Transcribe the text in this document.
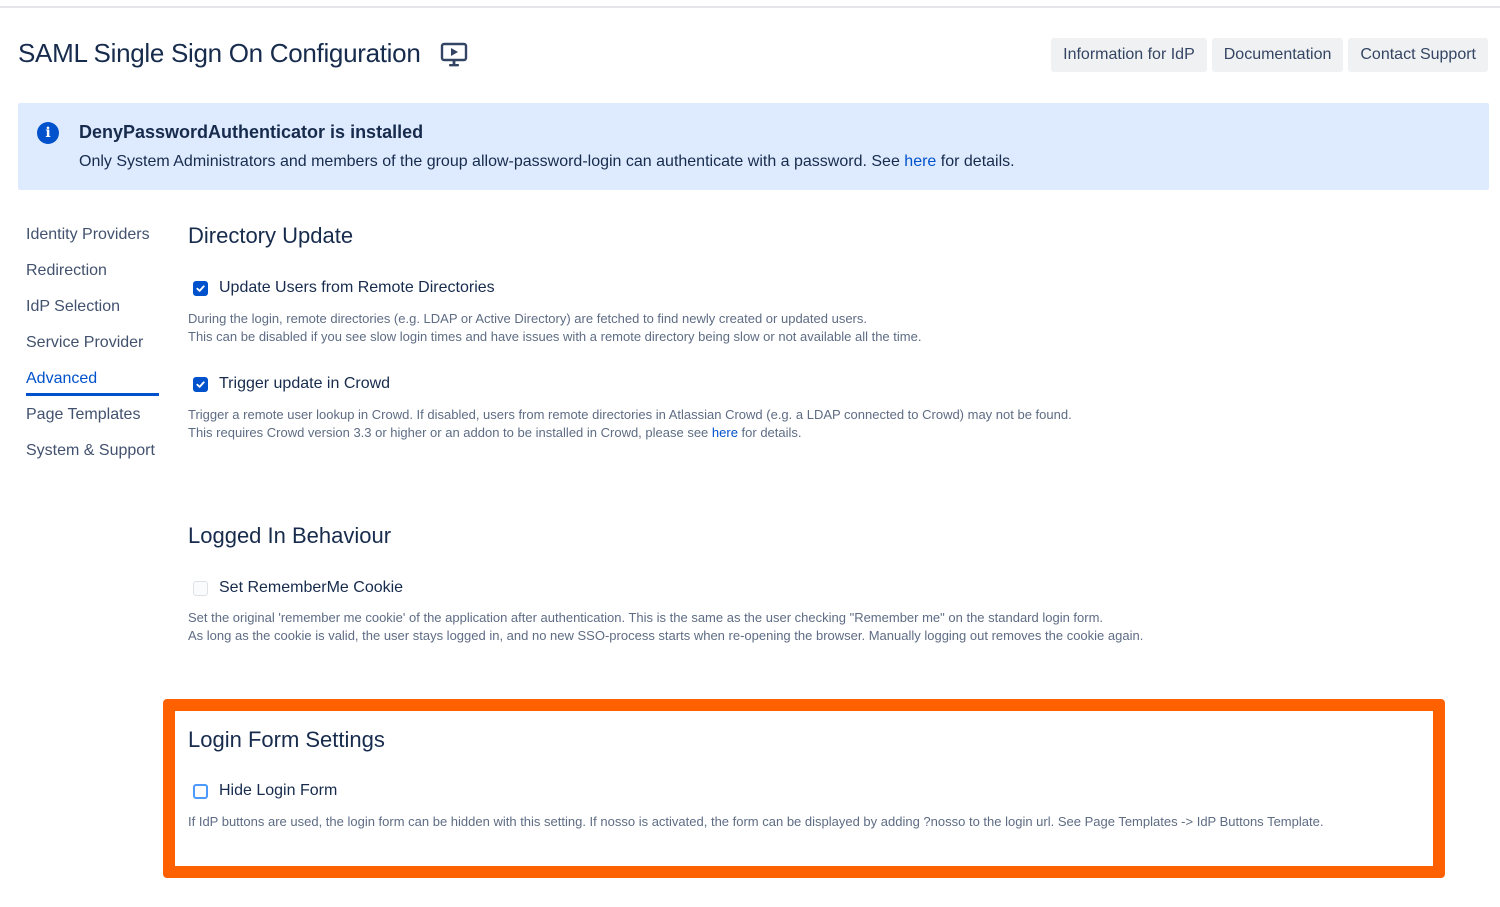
SAML Single Sign On Configuration	Information for IdP	Documentation	Contact Support
i	DenyPasswordAuthenticator is installed
Only System Administrators and members of the group allow-password-login can authenticate with a password. See here for details.
Identity Providers
Redirection
IdP Selection
Service Provider
Advanced
Page Templates
System & Support
Directory Update
Update Users from Remote Directories
During the login, remote directories (e.g. LDAP or Active Directory) are fetched to find newly created or updated users.
This can be disabled if you see slow login times and have issues with a remote directory being slow or not available all the time.
Trigger update in Crowd
Trigger a remote user lookup in Crowd. If disabled, users from remote directories in Atlassian Crowd (e.g. a LDAP connected to Crowd) may not be found.
This requires Crowd version 3.3 or higher or an addon to be installed in Crowd, please see here for details.
Logged In Behaviour
Set RememberMe Cookie
Set the original 'remember me cookie' of the application after authentication. This is the same as the user checking "Remember me" on the standard login form.
As long as the cookie is valid, the user stays logged in, and no new SSO-process starts when re-opening the browser. Manually logging out removes the cookie again.
Login Form Settings
Hide Login Form
If IdP buttons are used, the login form can be hidden with this setting. If nosso is activated, the form can be displayed by adding ?nosso to the login url. See Page Templates -> IdP Buttons Template.
